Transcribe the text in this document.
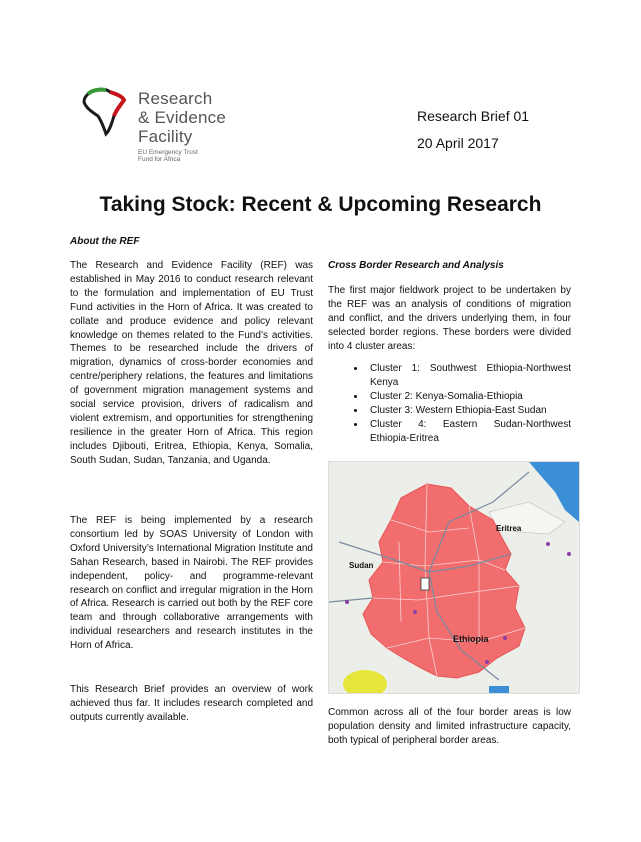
Research
& Evidence
Facility
EU Emergency Trust
Fund for Africa
Research Brief 01
20 April 2017
Taking Stock: Recent & Upcoming Research
About the REF
The Research and Evidence Facility (REF) was established in May 2016 to conduct research relevant to the formulation and implementation of EU Trust Fund activities in the Horn of Africa. It was created to collate and produce evidence and policy relevant knowledge on themes related to the Fund’s activities. Themes to be researched include the drivers of migration, dynamics of cross-border economies and centre/periphery relations, the features and limitations of government migration management systems and social service provision, drivers of radicalism and violent extremism, and opportunities for strengthening resilience in the greater Horn of Africa. This region includes Djibouti, Eritrea, Ethiopia, Kenya, Somalia, South Sudan, Sudan, Tanzania, and Uganda.
The REF is being implemented by a research consortium led by SOAS University of London with Oxford University’s International Migration Institute and Sahan Research, based in Nairobi. The REF provides independent, policy- and programme-relevant research on conflict and irregular migration in the Horn of Africa. Research is carried out both by the REF core team and through collaborative arrangements with individual researchers and research institutes in the Horn of Africa.
This Research Brief provides an overview of work achieved thus far. It includes research completed and outputs currently available.
Cross Border Research and Analysis
The first major fieldwork project to be undertaken by the REF was an analysis of conditions of migration and conflict, and the drivers underlying them, in four selected border regions. These borders were divided into 4 cluster areas:
• Cluster 1: Southwest Ethiopia-Northwest Kenya
• Cluster 2: Kenya-Somalia-Ethiopia
• Cluster 3: Western Ethiopia-East Sudan
• Cluster 4: Eastern Sudan-Northwest Ethiopia-Eritrea
Eritrea
Sudan
Ethiopia
Common across all of the four border areas is low population density and limited infrastructure capacity, both typical of peripheral border areas.
